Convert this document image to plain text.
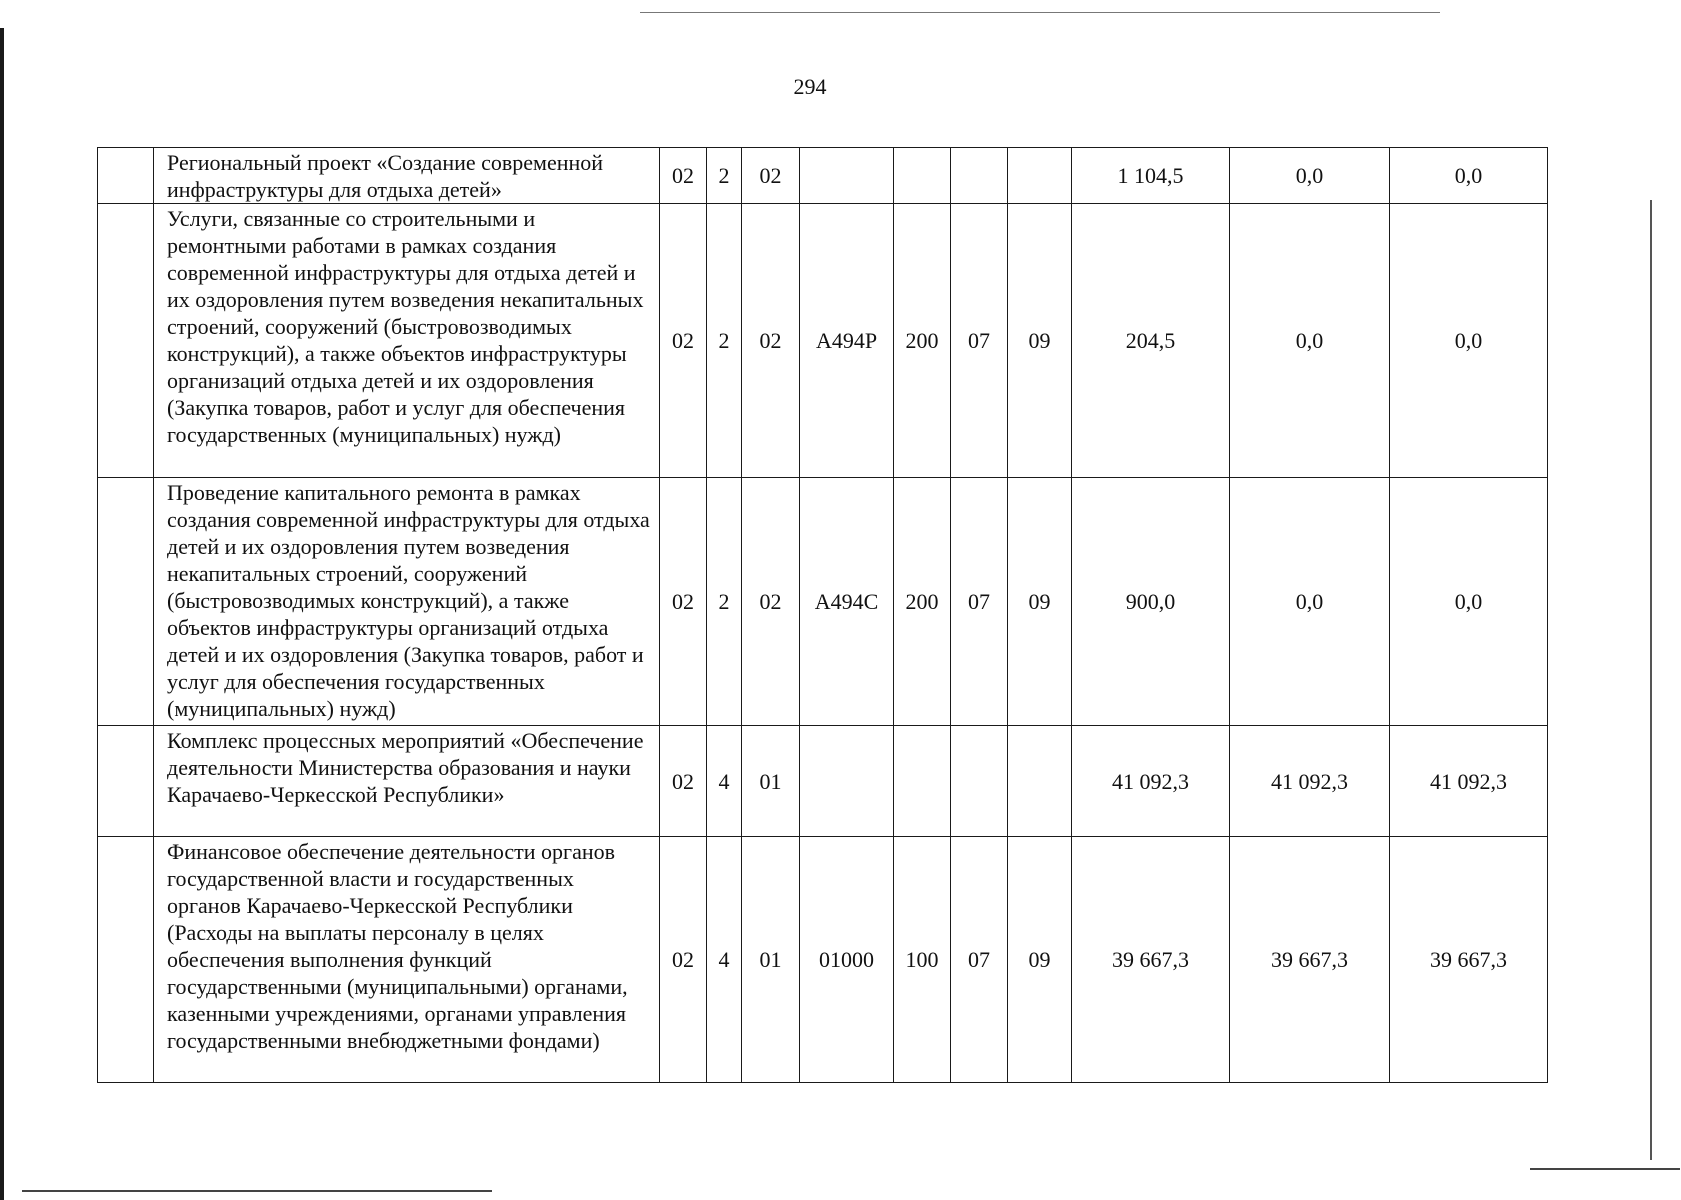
294
	Региональный проект «Создание современной инфраструктуры для отдыха детей»	02	2	02					1 104,5	0,0	0,0
	Услуги, связанные со строительными и ремонтными работами в рамках создания современной инфраструктуры для отдыха детей и их оздоровления путем возведения некапитальных строений, сооружений (быстровозводимых конструкций), а также объектов инфраструктуры организаций отдыха детей и их оздоровления (Закупка товаров, работ и услуг для обеспечения государственных (муниципальных) нужд)	02	2	02	А494Р	200	07	09	204,5	0,0	0,0
	Проведение капитального ремонта в рамках создания современной инфраструктуры для отдыха детей и их оздоровления путем возведения некапитальных строений, сооружений (быстровозводимых конструкций), а также объектов инфраструктуры организаций отдыха детей и их оздоровления (Закупка товаров, работ и услуг для обеспечения государственных (муниципальных) нужд)	02	2	02	А494С	200	07	09	900,0	0,0	0,0
	Комплекс процессных мероприятий «Обеспечение деятельности Министерства образования и науки Карачаево-Черкесской Республики»	02	4	01					41 092,3	41 092,3	41 092,3
	Финансовое обеспечение деятельности органов государственной власти и государственных органов Карачаево-Черкесской Республики (Расходы на выплаты персоналу в целях обеспечения выполнения функций государственными (муниципальными) органами, казенными учреждениями, органами управления государственными внебюджетными фондами)	02	4	01	01000	100	07	09	39 667,3	39 667,3	39 667,3
